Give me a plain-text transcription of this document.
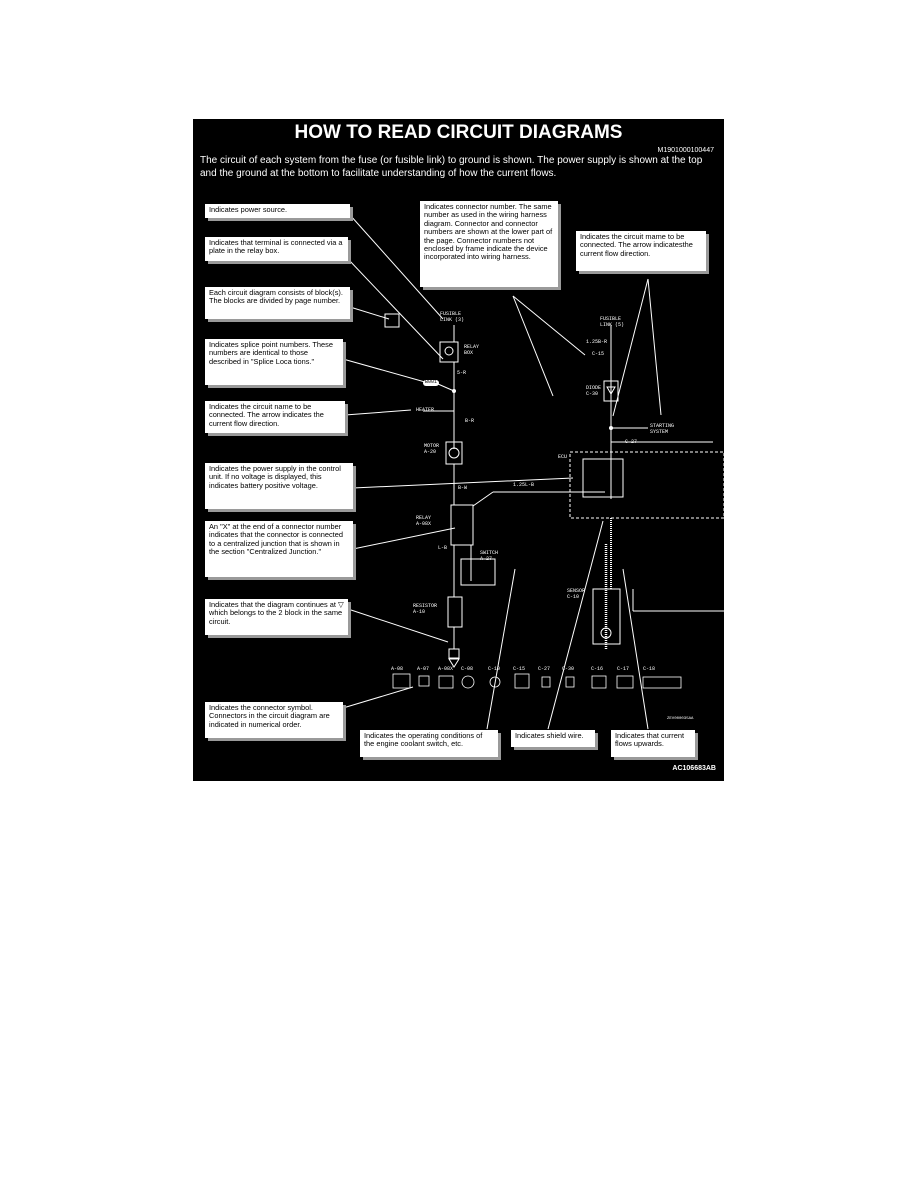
HOW TO READ CIRCUIT DIAGRAMS
M1901000100447
The circuit of each system from the fuse (or fusible link) to ground is shown. The power supply is shown at the top and the ground at the bottom to facilitate understanding of how the current flows.
FUSIBLE
LINK (3)
RELAY
BOX
5-R
B001
HEATER
B-R
MOTOR
A-20
B-W	1.25L-B
RELAY
A-08X
L-B
SWITCH
A-27
RESISTOR
A-10
FUSIBLE
LINK (5)
1.25B-R
C-15
DIODE
C-30
STARTING
SYSTEM
ECU
C-27
SENSOR
C-10
A-08	A-07 A-08X C-08	C-10	C-15	C-27 C-30	C-16	C-17	C-18
Indicates power source.
Indicates that terminal is connected via a plate in the relay box.
Each circuit diagram consists of block(s). The blocks are divided by page number.
Indicates splice point numbers. These numbers are identical to those described in "Splice Loca tions."
Indicates the circuit name to be connected. The arrow indicates the current flow direction.
Indicates the power supply in the control unit. If no voltage is displayed, this indicates battery positive voltage.
An "X" at the end of a connector number indicates that the connector is connected to a centralized junction that is shown in the section "Centralized Junction."
Indicates that the diagram continues at ▽ which belongs to the 2 block in the same circuit.
Indicates the connector symbol. Connectors in the circuit diagram are indicated in numerical order.
Indicates connector number. The same number as used in the wiring harness diagram. Connector and connector numbers are shown at the lower part of the page. Connector numbers not enclosed by frame indicate the device incorporated into wiring harness.
Indicates the circuit mame to be connected. The arrow indicatesthe current flow direction.
Indicates the operating conditions of the engine coolant switch, etc.
Indicates shield wire.	Indicates that current flows upwards.
ZEV000035AA
AC106683AB
